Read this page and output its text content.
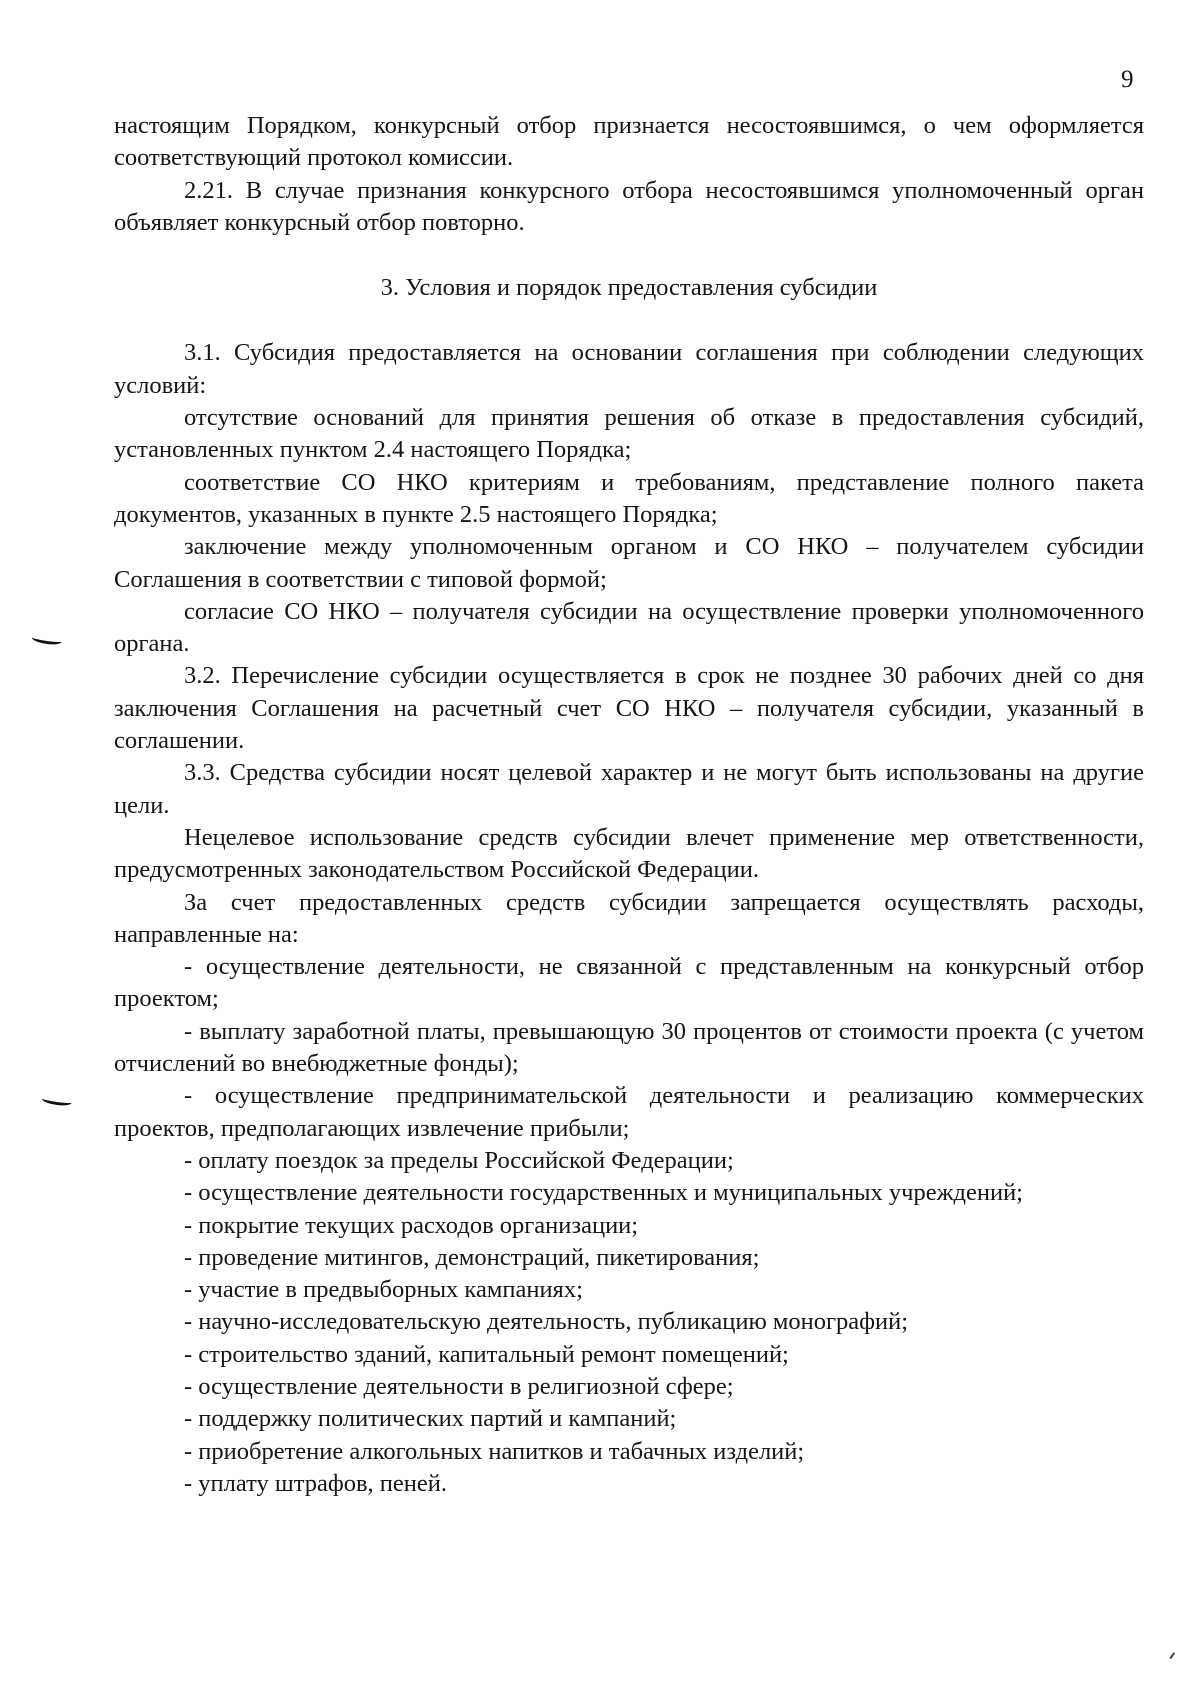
9

настоящим Порядком, конкурсный отбор признается несостоявшимся, о чем оформляется соответствующий протокол комиссии.

2.21. В случае признания конкурсного отбора несостоявшимся уполномоченный орган объявляет конкурсный отбор повторно.

3. Условия и порядок предоставления субсидии

3.1. Субсидия предоставляется на основании соглашения при соблюдении следующих условий:

отсутствие оснований для принятия решения об отказе в предоставления субсидий, установленных пунктом 2.4 настоящего Порядка;

соответствие СО НКО критериям и требованиям, представление полного пакета документов, указанных в пункте 2.5 настоящего Порядка;

заключение между уполномоченным органом и СО НКО – получателем субсидии Соглашения в соответствии с типовой формой;

согласие СО НКО – получателя субсидии на осуществление проверки уполномоченного органа.

3.2. Перечисление субсидии осуществляется в срок не позднее 30 рабочих дней со дня заключения Соглашения на расчетный счет СО НКО – получателя субсидии, указанный в соглашении.

3.3. Средства субсидии носят целевой характер и не могут быть использованы на другие цели.

Нецелевое использование средств субсидии влечет применение мер ответственности, предусмотренных законодательством Российской Федерации.

За счет предоставленных средств субсидии запрещается осуществлять расходы, направленные на:

- осуществление деятельности, не связанной с представленным на конкурсный отбор проектом;

- выплату заработной платы, превышающую 30 процентов от стоимости проекта (с учетом отчислений во внебюджетные фонды);

- осуществление предпринимательской деятельности и реализацию коммерческих проектов, предполагающих извлечение прибыли;

- оплату поездок за пределы Российской Федерации;

- осуществление деятельности государственных и муниципальных учреждений;

- покрытие текущих расходов организации;

- проведение митингов, демонстраций, пикетирования;

- участие в предвыборных кампаниях;

- научно-исследовательскую деятельность, публикацию монографий;

- строительство зданий, капитальный ремонт помещений;

- осуществление деятельности в религиозной сфере;

- поддержку политических партий и кампаний;

- приобретение алкогольных напитков и табачных изделий;

- уплату штрафов, пеней.
